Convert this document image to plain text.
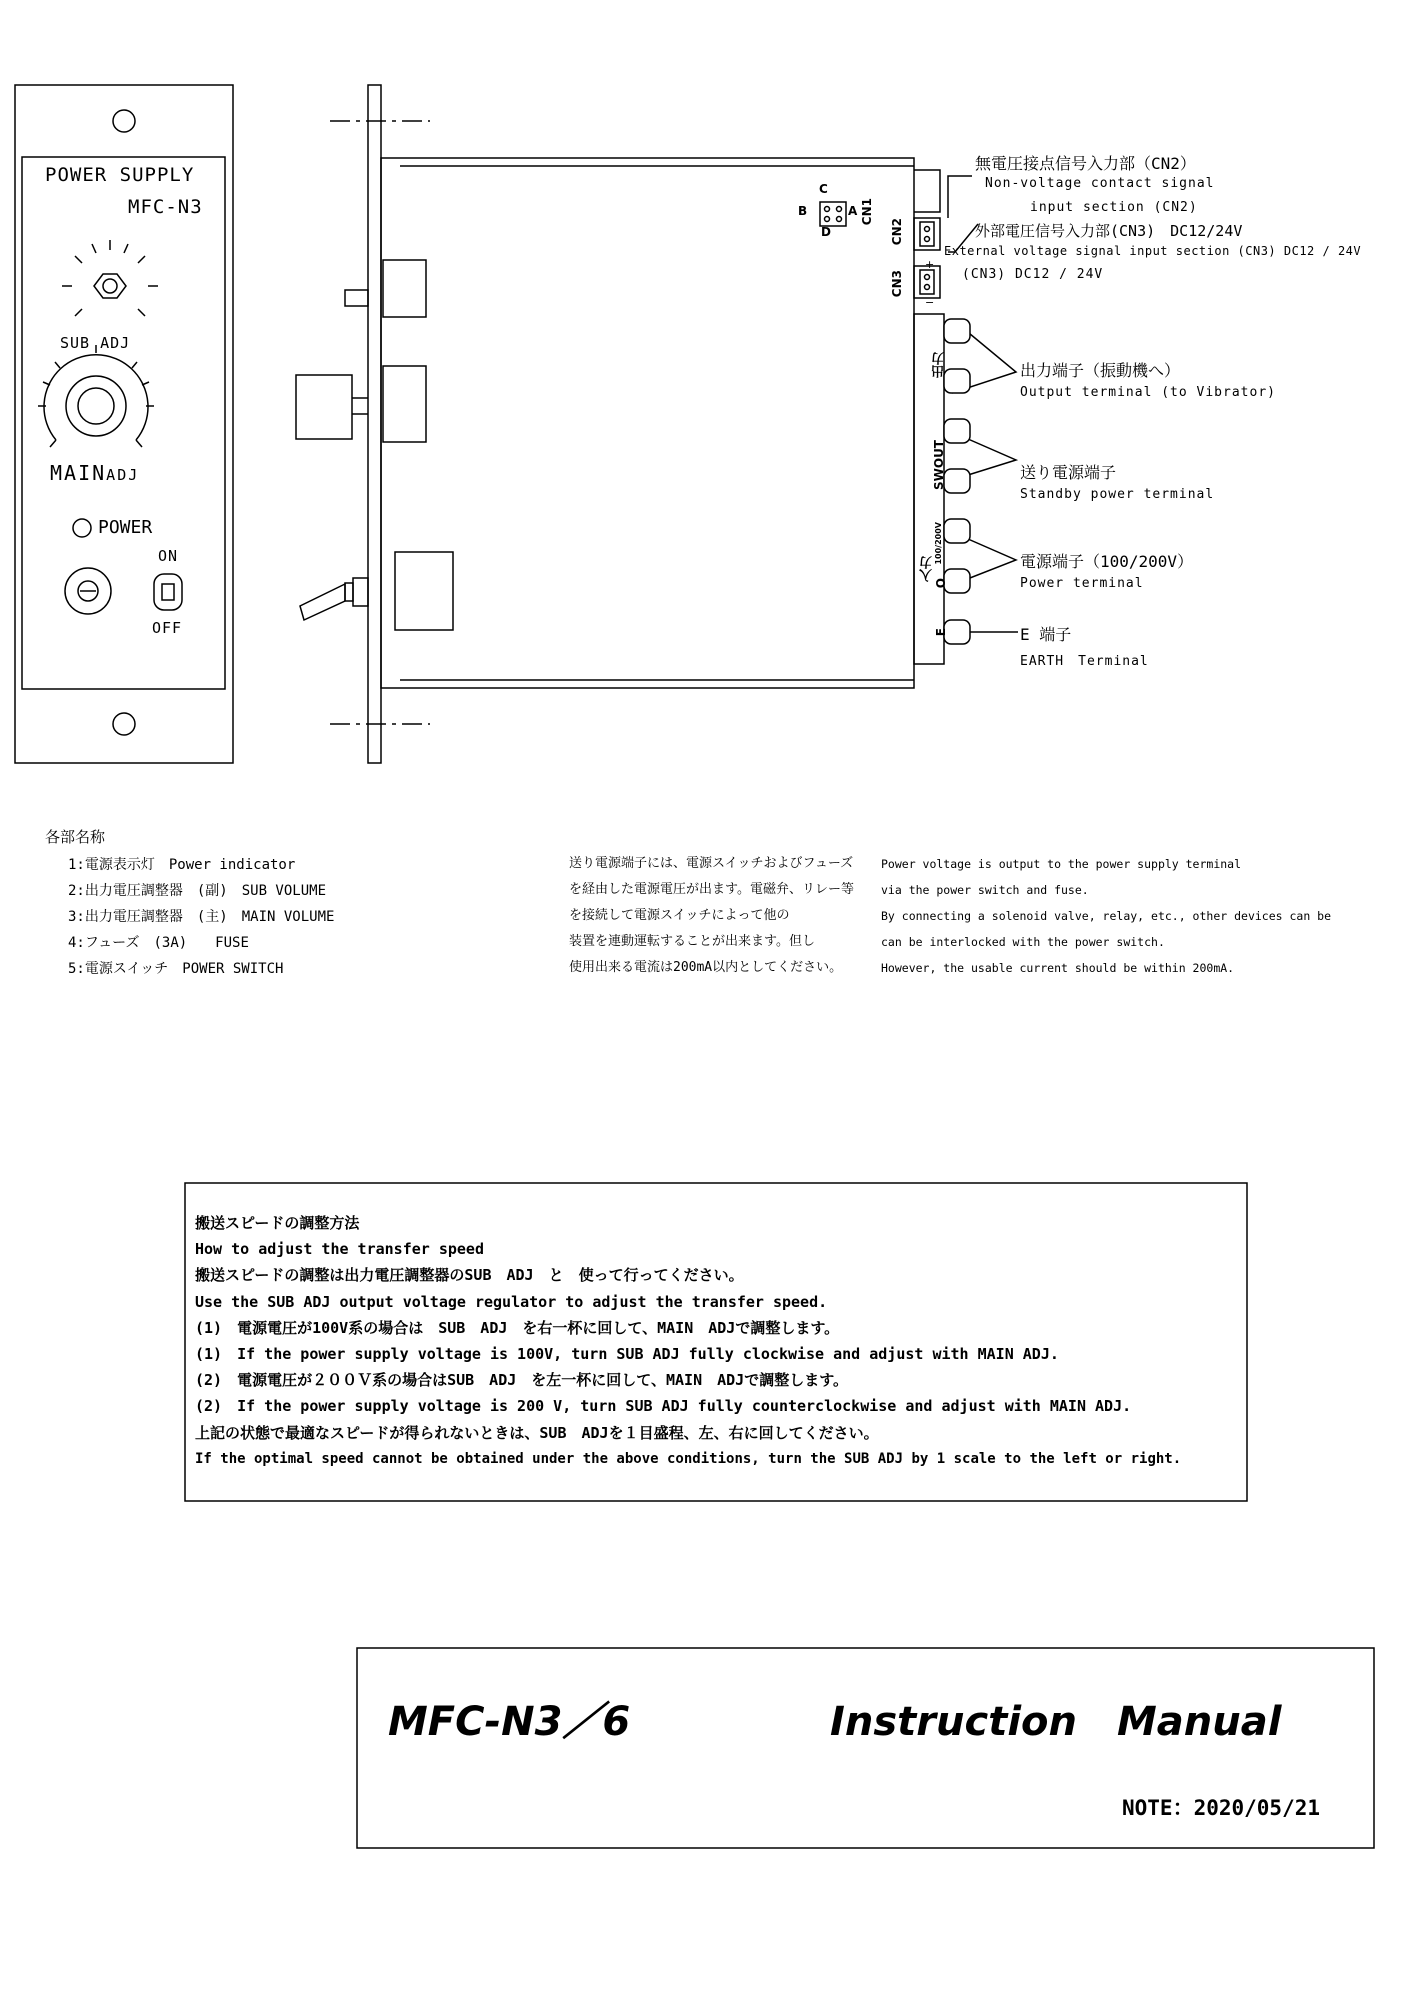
POWER SUPPLY
MFC-N3
SUB ADJ
MAINADJ
POWER
ON
OFF
C
B	A
D
CN1
CN2
CN3
+
−
出力
SWOUT
入力
100/200V
O
E
無電圧接点信号入力部（CN2）
Non-voltage contact signal
input section (CN2)
外部電圧信号入力部(CN3)　DC12/24V
External voltage signal input section (CN3) DC12 / 24V
(CN3) DC12 / 24V
出力端子（振動機へ）
Output terminal (to Vibrator)
送り電源端子
Standby power terminal
電源端子（100/200V）
Power terminal
E 端子
EARTH　Terminal
各部名称
1:電源表示灯　Power indicator
2:出力電圧調整器　(副)　SUB VOLUME
3:出力電圧調整器　(主)　MAIN VOLUME
4:フューズ　(3A)　　FUSE
5:電源スイッチ　POWER SWITCH
送り電源端子には、電源スイッチおよびフューズ
を経由した電源電圧が出ます。電磁弁、リレー等
を接続して電源スイッチによって他の
装置を連動運転することが出来ます。但し
使用出来る電流は200mA以内としてください。
Power voltage is output to the power supply terminal
via the power switch and fuse.
By connecting a solenoid valve, relay, etc., other devices can be
can be interlocked with the power switch.
However, the usable current should be within 200mA.
搬送スピードの調整方法
How to adjust the transfer speed
搬送スピードの調整は出力電圧調整器のSUB　ADJ　と　使って行ってください。
Use the SUB ADJ output voltage regulator to adjust the transfer speed.
(1)　電源電圧が100V系の場合は　SUB　ADJ　を右一杯に回して、MAIN　ADJで調整します。
(1)　If the power supply voltage is 100V, turn SUB ADJ fully clockwise and adjust with MAIN ADJ.
(2)　電源電圧が２００Ｖ系の場合はSUB　ADJ　を左一杯に回して、MAIN　ADJで調整します。
(2)　If the power supply voltage is 200 V, turn SUB ADJ fully counterclockwise and adjust with MAIN ADJ.
上記の状態で最適なスピードが得られないときは、SUB　ADJを１目盛程、左、右に回してください。
If the optimal speed cannot be obtained under the above conditions, turn the SUB ADJ by 1 scale to the left or right.
MFC-N3／6	Instruction　Manual
NOTE：2020/05/21
